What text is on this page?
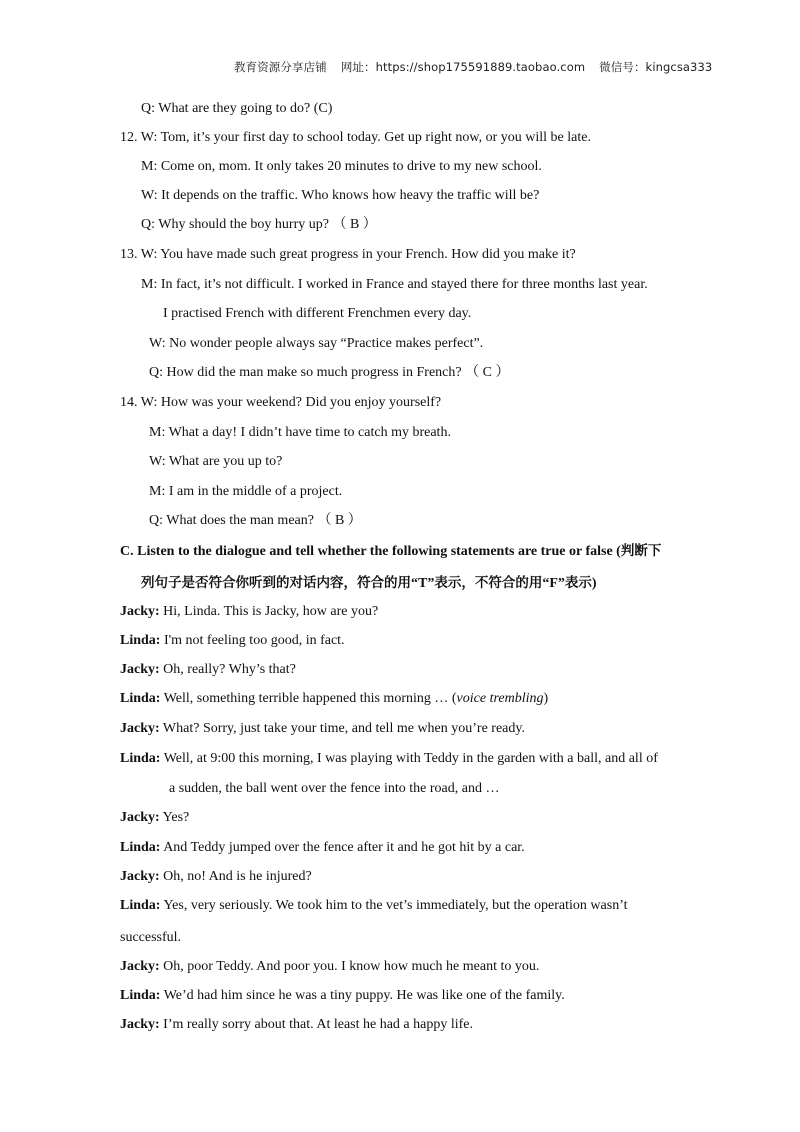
教育资源分享店铺 网址：https://shop175591889.taobao.com 微信号：kingcsa333
Q: What are they going to do? (C)
12. W: Tom, it’s your first day to school today. Get up right now, or you will be late.
M: Come on, mom. It only takes 20 minutes to drive to my new school.
W: It depends on the traffic. Who knows how heavy the traffic will be?
Q: Why should the boy hurry up? （ B ）
13. W: You have made such great progress in your French. How did you make it?
M: In fact, it’s not difficult. I worked in France and stayed there for three months last year.
I practised French with different Frenchmen every day.
W: No wonder people always say “Practice makes perfect”.
Q: How did the man make so much progress in French? （ C ）
14. W: How was your weekend? Did you enjoy yourself?
M: What a day! I didn’t have time to catch my breath.
W: What are you up to?
M: I am in the middle of a project.
Q: What does the man mean? （ B ）
C. Listen to the dialogue and tell whether the following statements are true or false (判断下
列句子是否符合你听到的对话内容，符合的用“T”表示，不符合的用“F”表示)
Jacky: Hi, Linda. This is Jacky, how are you?
Linda: I'm not feeling too good, in fact.
Jacky: Oh, really? Why’s that?
Linda: Well, something terrible happened this morning … (voice trembling)
Jacky: What? Sorry, just take your time, and tell me when you’re ready.
Linda: Well, at 9:00 this morning, I was playing with Teddy in the garden with a ball, and all of
a sudden, the ball went over the fence into the road, and …
Jacky: Yes?
Linda: And Teddy jumped over the fence after it and he got hit by a car.
Jacky: Oh, no! And is he injured?
Linda: Yes, very seriously. We took him to the vet’s immediately, but the operation wasn’t
successful.
Jacky: Oh, poor Teddy. And poor you. I know how much he meant to you.
Linda: We’d had him since he was a tiny puppy. He was like one of the family.
Jacky: I’m really sorry about that. At least he had a happy life.
